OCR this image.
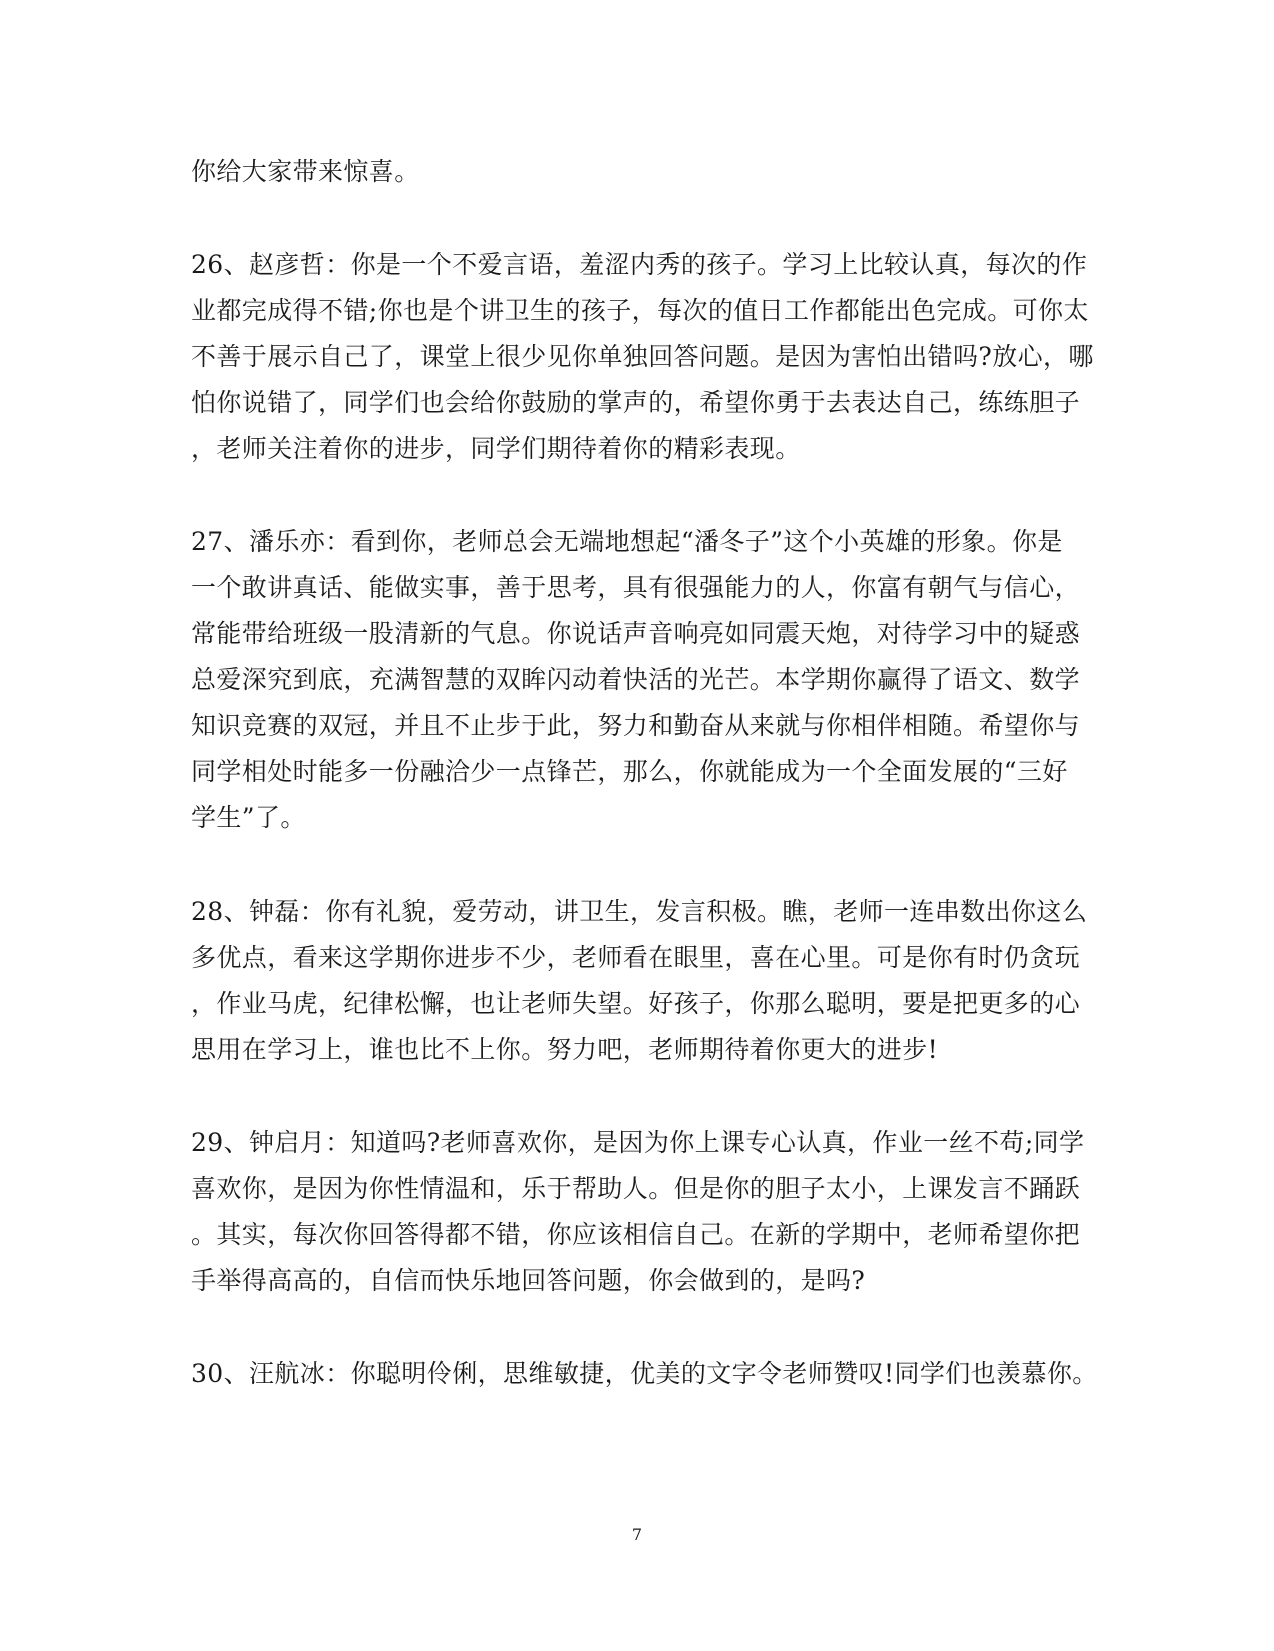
你给大家带来惊喜。
26、赵彦哲：你是一个不爱言语，羞涩内秀的孩子。学习上比较认真，每次的作
业都完成得不错;你也是个讲卫生的孩子，每次的值日工作都能出色完成。可你太
不善于展示自己了，课堂上很少见你单独回答问题。是因为害怕出错吗?放心，哪
怕你说错了，同学们也会给你鼓励的掌声的，希望你勇于去表达自己，练练胆子
，老师关注着你的进步，同学们期待着你的精彩表现。
27、潘乐亦：看到你，老师总会无端地想起“潘冬子”这个小英雄的形象。你是
一个敢讲真话、能做实事，善于思考，具有很强能力的人，你富有朝气与信心，
常能带给班级一股清新的气息。你说话声音响亮如同震天炮，对待学习中的疑惑
总爱深究到底，充满智慧的双眸闪动着快活的光芒。本学期你赢得了语文、数学
知识竞赛的双冠，并且不止步于此，努力和勤奋从来就与你相伴相随。希望你与
同学相处时能多一份融洽少一点锋芒，那么，你就能成为一个全面发展的“三好
学生”了。
28、钟磊：你有礼貌，爱劳动，讲卫生，发言积极。瞧，老师一连串数出你这么
多优点，看来这学期你进步不少，老师看在眼里，喜在心里。可是你有时仍贪玩
，作业马虎，纪律松懈，也让老师失望。好孩子，你那么聪明，要是把更多的心
思用在学习上，谁也比不上你。努力吧，老师期待着你更大的进步!
29、钟启月：知道吗?老师喜欢你，是因为你上课专心认真，作业一丝不苟;同学
喜欢你，是因为你性情温和，乐于帮助人。但是你的胆子太小，上课发言不踊跃
。其实，每次你回答得都不错，你应该相信自己。在新的学期中，老师希望你把
手举得高高的，自信而快乐地回答问题，你会做到的，是吗?
30、汪航冰：你聪明伶俐，思维敏捷，优美的文字令老师赞叹!同学们也羡慕你。
7
